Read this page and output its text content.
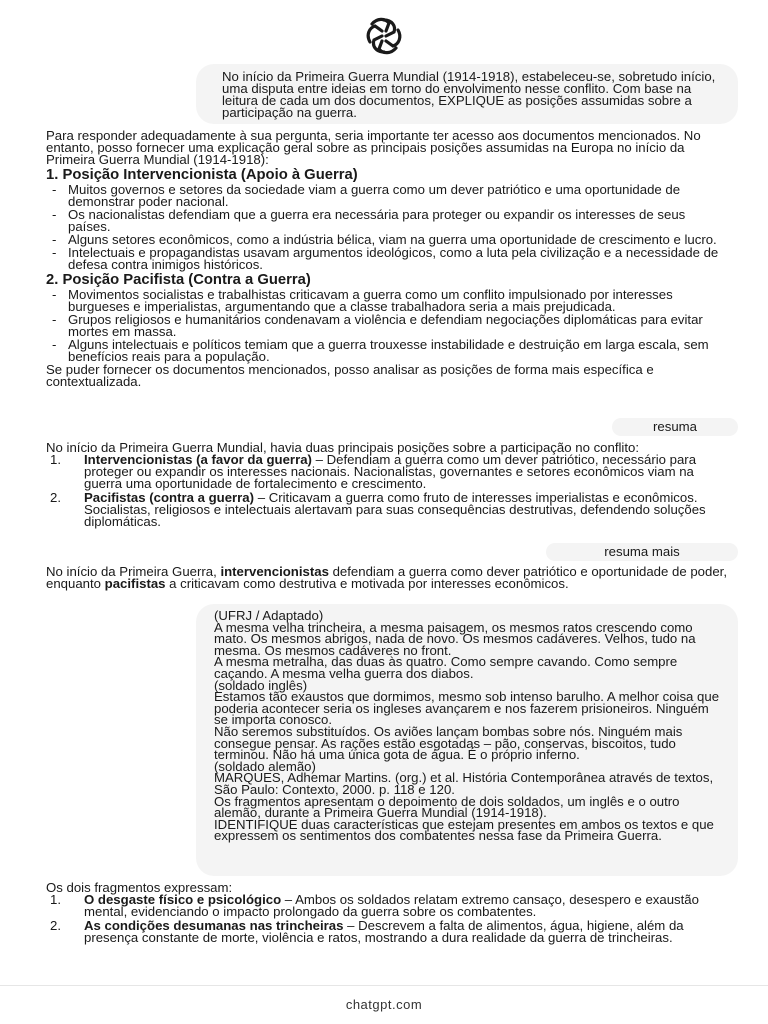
No início da Primeira Guerra Mundial (1914-1918), estabeleceu-se, sobretudo início, uma disputa entre ideias em torno do envolvimento nesse conflito. Com base na leitura de cada um dos documentos, EXPLIQUE as posições assumidas sobre a participação na guerra.

Para responder adequadamente à sua pergunta, seria importante ter acesso aos documentos mencionados. No entanto, posso fornecer uma explicação geral sobre as principais posições assumidas na Europa no início da Primeira Guerra Mundial (1914-1918):

1. Posição Intervencionista (Apoio à Guerra)
- Muitos governos e setores da sociedade viam a guerra como um dever patriótico e uma oportunidade de demonstrar poder nacional.
- Os nacionalistas defendiam que a guerra era necessária para proteger ou expandir os interesses de seus países.
- Alguns setores econômicos, como a indústria bélica, viam na guerra uma oportunidade de crescimento e lucro.
- Intelectuais e propagandistas usavam argumentos ideológicos, como a luta pela civilização e a necessidade de defesa contra inimigos históricos.
2. Posição Pacifista (Contra a Guerra)
- Movimentos socialistas e trabalhistas criticavam a guerra como um conflito impulsionado por interesses burgueses e imperialistas, argumentando que a classe trabalhadora seria a mais prejudicada.
- Grupos religiosos e humanitários condenavam a violência e defendiam negociações diplomáticas para evitar mortes em massa.
- Alguns intelectuais e políticos temiam que a guerra trouxesse instabilidade e destruição em larga escala, sem benefícios reais para a população.

Se puder fornecer os documentos mencionados, posso analisar as posições de forma mais específica e contextualizada.

resuma

No início da Primeira Guerra Mundial, havia duas principais posições sobre a participação no conflito:

1. Intervencionistas (a favor da guerra) – Defendiam a guerra como um dever patriótico, necessário para proteger ou expandir os interesses nacionais. Nacionalistas, governantes e setores econômicos viam na guerra uma oportunidade de fortalecimento e crescimento.
2. Pacifistas (contra a guerra) – Criticavam a guerra como fruto de interesses imperialistas e econômicos. Socialistas, religiosos e intelectuais alertavam para suas consequências destrutivas, defendendo soluções diplomáticas.
resuma mais

No início da Primeira Guerra, intervencionistas defendiam a guerra como dever patriótico e oportunidade de poder, enquanto pacifistas a criticavam como destrutiva e motivada por interesses econômicos.

(UFRJ / Adaptado)
A mesma velha trincheira, a mesma paisagem, os mesmos ratos crescendo como mato. Os mesmos abrigos, nada de novo. Os mesmos cadáveres. Velhos, tudo na mesma. Os mesmos cadáveres no front.
A mesma metralha, das duas às quatro. Como sempre cavando. Como sempre caçando. A mesma velha guerra dos diabos.
(soldado inglês)
Estamos tão exaustos que dormimos, mesmo sob intenso barulho. A melhor coisa que poderia acontecer seria os ingleses avançarem e nos fazerem prisioneiros. Ninguém se importa conosco.
Não seremos substituídos. Os aviões lançam bombas sobre nós. Ninguém mais
consegue pensar. As rações estão esgotadas – pão, conservas, biscoitos, tudo terminou. Não há uma única gota de água. É o próprio inferno.
(soldado alemão)
MARQUES, Adhemar Martins. (org.) et al. História Contemporânea através de textos,
São Paulo: Contexto, 2000. p. 118 e 120.
Os fragmentos apresentam o depoimento de dois soldados, um inglês e o outro alemão, durante a Primeira Guerra Mundial (1914-1918).
IDENTIFIQUE duas características que estejam presentes em ambos os textos e que expressem os sentimentos dos combatentes nessa fase da Primeira Guerra.

Os dois fragmentos expressam:

1. O desgaste físico e psicológico – Ambos os soldados relatam extremo cansaço, desespero e exaustão mental, evidenciando o impacto prolongado da guerra sobre os combatentes.
2. As condições desumanas nas trincheiras – Descrevem a falta de alimentos, água, higiene, além da presença constante de morte, violência e ratos, mostrando a dura realidade da guerra de trincheiras.
chatgpt.com
